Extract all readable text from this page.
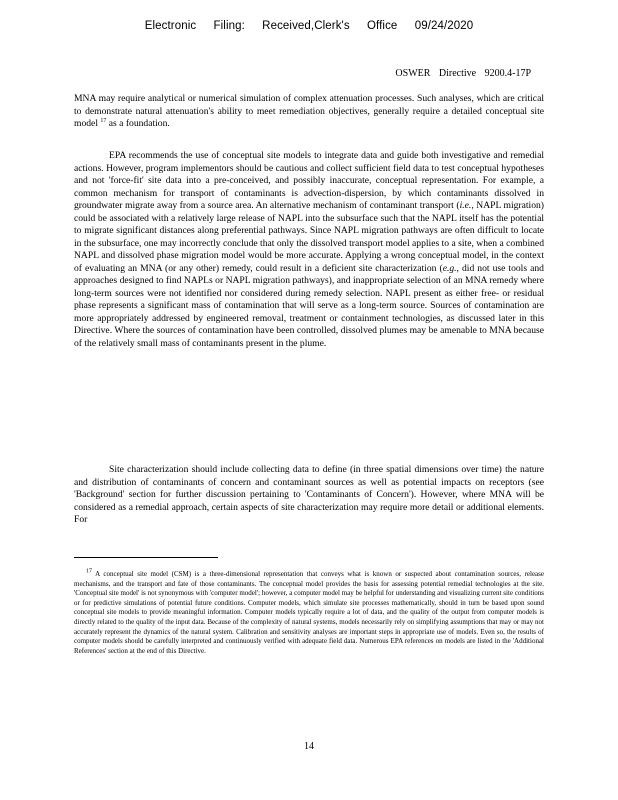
Electronic Filing: Received,Clerk's Office 09/24/2020
OSWER Directive 9200.4-17P

MNA may require analytical or numerical simulation of complex attenuation processes. Such analyses, which are critical to demonstrate natural attenuation's ability to meet remediation objectives, generally require a detailed conceptual site model $^{17}$ as a foundation.

EPA recommends the use of conceptual site models to integrate data and guide both investigative and remedial actions. However, program implementors should be cautious and collect sufficient field data to test conceptual hypotheses and not 'force-fit' site data into a pre-conceived, and possibly inaccurate, conceptual representation. For example, a common mechanism for transport of contaminants is advection-dispersion, by which contaminants dissolved in groundwater migrate away from a source area. An alternative mechanism of contaminant transport (i.e., NAPL migration) could be associated with a relatively large release of NAPL into the subsurface such that the NAPL itself has the potential to migrate significant distances along preferential pathways. Since NAPL migration pathways are often difficult to locate in the subsurface, one may incorrectly conclude that only the dissolved transport model applies to a site, when a combined NAPL and dissolved phase migration model would be more accurate. Applying a wrong conceptual model, in the context of evaluating an MNA (or any other) remedy, could result in a deficient site characterization (e.g., did not use tools and approaches designed to find NAPLs or NAPL migration pathways), and inappropriate selection of an MNA remedy where long-term sources were not identified nor considered during remedy selection. NAPL present as either free- or residual phase represents a significant mass of contamination that will serve as a long-term source. Sources of contamination are more appropriately addressed by engineered removal, treatment or containment technologies, as discussed later in this Directive. Where the sources of contamination have been controlled, dissolved plumes may be amenable to MNA because of the relatively small mass of contaminants present in the plume.

Site characterization should include collecting data to define (in three spatial dimensions over time) the nature and distribution of contaminants of concern and contaminant sources as well as potential impacts on receptors (see 'Background' section for further discussion pertaining to 'Contaminants of Concern'). However, where MNA will be considered as a remedial approach, certain aspects of site characterization may require more detail or additional elements. For

17 A conceptual site model (CSM) is a three-dimensional representation that conveys what is known or suspected about contamination sources, release mechanisms, and the transport and fate of those contaminants. The conceptual model provides the basis for assessing potential remedial technologies at the site. 'Conceptual site model' is not synonymous with 'computer model'; however, a computer model may be helpful for understanding and visualizing current site conditions or for predictive simulations of potential future conditions. Computer models, which simulate site processes mathematically, should in turn be based upon sound conceptual site models to provide meaningful information. Computer models typically require a lot of data, and the quality of the output from computer models is directly related to the quality of the input data. Because of the complexity of natural systems, models necessarily rely on simplifying assumptions that may or may not accurately represent the dynamics of the natural system. Calibration and sensitivity analyses are important steps in appropriate use of models. Even so, the results of computer models should be carefully interpreted and continuously verified with adequate field data. Numerous EPA references on models are listed in the 'Additional References' section at the end of this Directive.

14
